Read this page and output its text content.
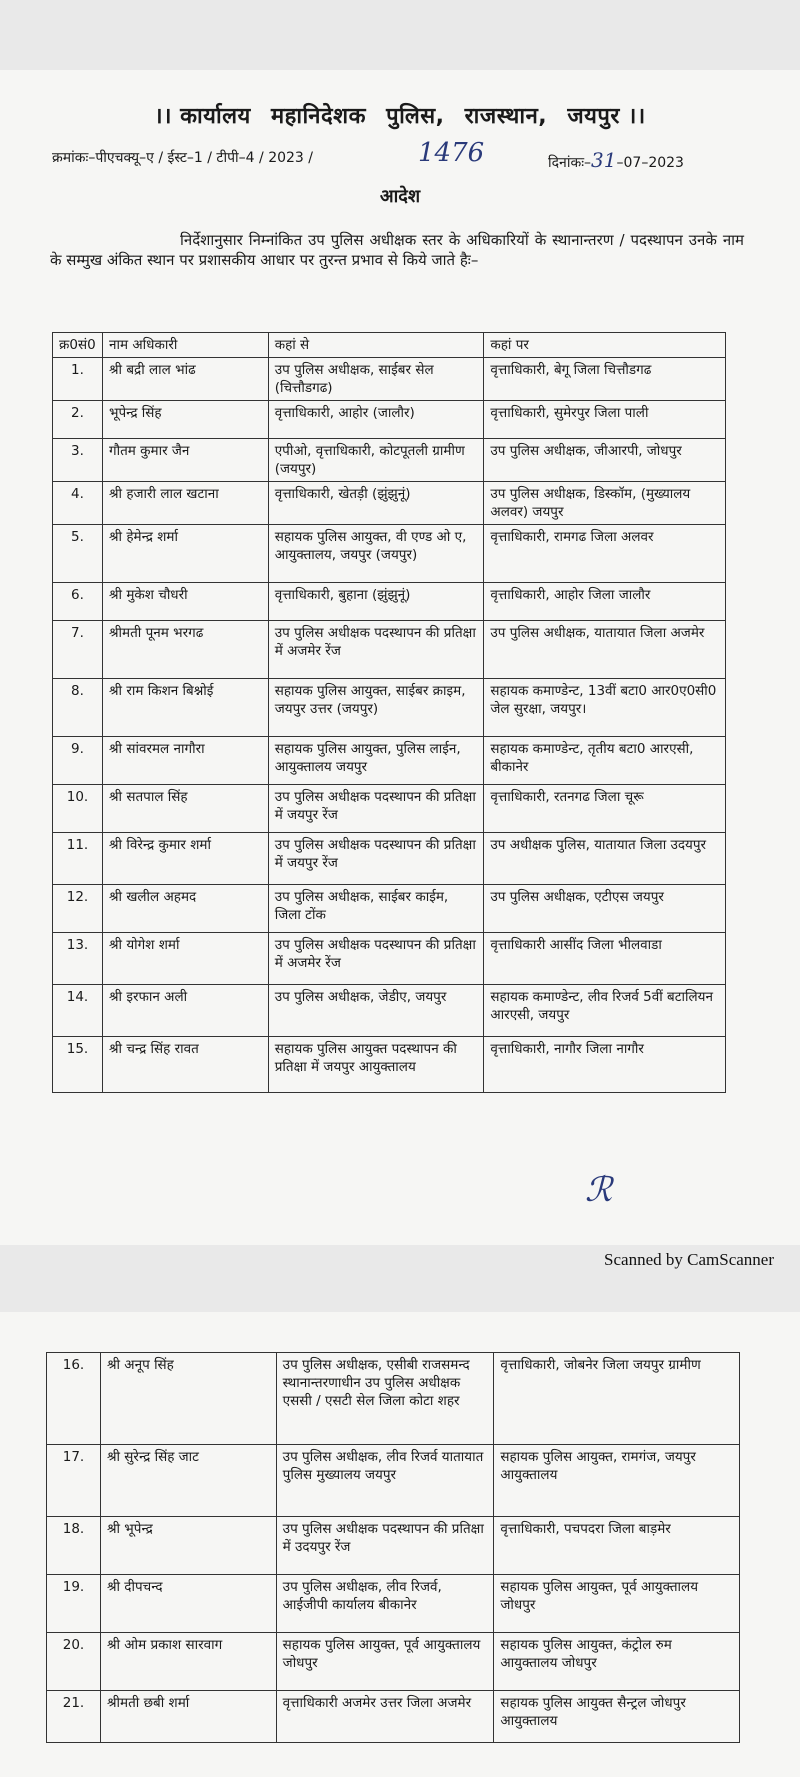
।। कार्यालय महानिदेशक पुलिस, राजस्थान, जयपुर ।।
क्रमांकः–पीएचक्यू–ए / ईस्ट–1 / टीपी–4 / 2023 /	1476	दिनांकः–31–07–2023
आदेश
निर्देशानुसार निम्नांकित उप पुलिस अधीक्षक स्तर के अधिकारियों के स्थानान्तरण / पदस्थापन उनके नाम के सम्मुख अंकित स्थान पर प्रशासकीय आधार पर तुरन्त प्रभाव से किये जाते हैः–
क्र0सं0	नाम अधिकारी	कहां से	कहां पर
1.	श्री बद्री लाल भांढ	उप पुलिस अधीक्षक, साईबर सेल (चित्तौडगढ)	वृत्ताधिकारी, बेगू जिला चित्तौडगढ
2.	भूपेन्द्र सिंह	वृत्ताधिकारी, आहोर (जालौर)	वृत्ताधिकारी, सुमेरपुर जिला पाली
3.	गौतम कुमार जैन	एपीओ, वृत्ताधिकारी, कोटपूतली ग्रामीण (जयपुर)	उप पुलिस अधीक्षक, जीआरपी, जोधपुर
4.	श्री हजारी लाल खटाना	वृत्ताधिकारी, खेतड़ी (झुंझुनूं)	उप पुलिस अधीक्षक, डिस्कॉम, (मुख्यालय अलवर) जयपुर
5.	श्री हेमेन्द्र शर्मा	सहायक पुलिस आयुक्त, वी एण्ड ओ ए, आयुक्तालय, जयपुर (जयपुर)	वृत्ताधिकारी, रामगढ जिला अलवर
6.	श्री मुकेश चौधरी	वृत्ताधिकारी, बुहाना (झुंझुनूं)	वृत्ताधिकारी, आहोर जिला जालौर
7.	श्रीमती पूनम भरगढ	उप पुलिस अधीक्षक पदस्थापन की प्रतिक्षा में अजमेर रेंज	उप पुलिस अधीक्षक, यातायात जिला अजमेर
8.	श्री राम किशन बिश्नोई	सहायक पुलिस आयुक्त, साईबर क्राइम, जयपुर उत्तर (जयपुर)	सहायक कमाण्डेन्ट, 13वीं बटा0 आर0ए0सी0 जेल सुरक्षा, जयपुर।
9.	श्री सांवरमल नागौरा	सहायक पुलिस आयुक्त, पुलिस लाईन, आयुक्तालय जयपुर	सहायक कमाण्डेन्ट, तृतीय बटा0 आरएसी, बीकानेर
10.	श्री सतपाल सिंह	उप पुलिस अधीक्षक पदस्थापन की प्रतिक्षा में जयपुर रेंज	वृत्ताधिकारी, रतनगढ जिला चूरू
11.	श्री विरेन्द्र कुमार शर्मा	उप पुलिस अधीक्षक पदस्थापन की प्रतिक्षा में जयपुर रेंज	उप अधीक्षक पुलिस, यातायात जिला उदयपुर
12.	श्री खलील अहमद	उप पुलिस अधीक्षक, साईबर काईम, जिला टोंक	उप पुलिस अधीक्षक, एटीएस जयपुर
13.	श्री योगेश शर्मा	उप पुलिस अधीक्षक पदस्थापन की प्रतिक्षा में अजमेर रेंज	वृत्ताधिकारी आसींद जिला भीलवाडा
14.	श्री इरफान अली	उप पुलिस अधीक्षक, जेडीए, जयपुर	सहायक कमाण्डेन्ट, लीव रिजर्व 5वीं बटालियन आरएसी, जयपुर
15.	श्री चन्द्र सिंह रावत	सहायक पुलिस आयुक्त पदस्थापन की प्रतिक्षा में जयपुर आयुक्तालय	वृत्ताधिकारी, नागौर जिला नागौर
ℛ
Scanned by CamScanner
16.	श्री अनूप सिंह	उप पुलिस अधीक्षक, एसीबी राजसमन्द स्थानान्तरणाधीन उप पुलिस अधीक्षक एससी / एसटी सेल जिला कोटा शहर	वृत्ताधिकारी, जोबनेर जिला जयपुर ग्रामीण
17.	श्री सुरेन्द्र सिंह जाट	उप पुलिस अधीक्षक, लीव रिजर्व यातायात पुलिस मुख्यालय जयपुर	सहायक पुलिस आयुक्त, रामगंज, जयपुर आयुक्तालय
18.	श्री भूपेन्द्र	उप पुलिस अधीक्षक पदस्थापन की प्रतिक्षा में उदयपुर रेंज	वृत्ताधिकारी, पचपदरा जिला बाड़मेर
19.	श्री दीपचन्द	उप पुलिस अधीक्षक, लीव रिजर्व, आईजीपी कार्यालय बीकानेर	सहायक पुलिस आयुक्त, पूर्व आयुक्तालय जोधपुर
20.	श्री ओम प्रकाश सारवाग	सहायक पुलिस आयुक्त, पूर्व आयुक्तालय जोधपुर	सहायक पुलिस आयुक्त, कंट्रोल रुम आयुक्तालय जोधपुर
21.	श्रीमती छबी शर्मा	वृत्ताधिकारी अजमेर उत्तर जिला अजमेर	सहायक पुलिस आयुक्त सैन्ट्रल जोधपुर आयुक्तालय
